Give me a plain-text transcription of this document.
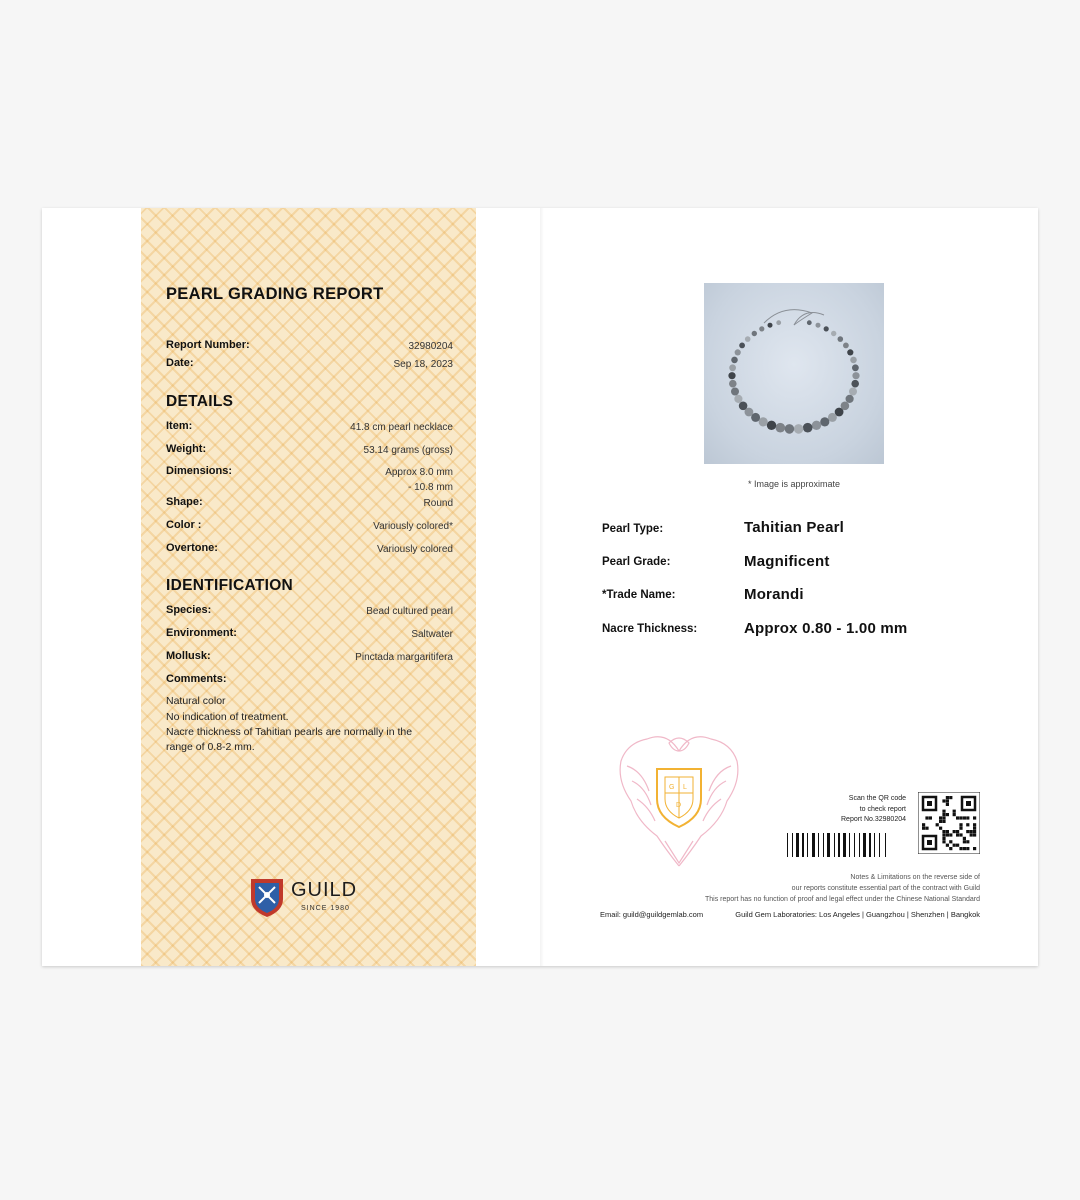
PEARL GRADING REPORT
Report Number:	32980204
Date:	Sep 18, 2023
DETAILS
Item:	41.8 cm pearl necklace
Weight:	53.14 grams (gross)
Dimensions:	Approx 8.0 mm
- 10.8 mm
Shape:	Round
Color :	Variously colored*
Overtone:	Variously colored
IDENTIFICATION
Species:	Bead cultured pearl
Environment:	Saltwater
Mollusk:	Pinctada margaritifera
Comments:
Natural color
No indication of treatment.
Nacre thickness of Tahitian pearls are normally in the
range of 0.8-2 mm.
GUILD
SINCE 1980
* Image is approximate
Pearl Type:	Tahitian Pearl
Pearl Grade:	Magnificent
*Trade Name:	Morandi
Nacre Thickness:	Approx 0.80 - 1.00 mm
G L
D
Scan the QR code
to check report
Report No.32980204
Notes & Limitations on the reverse side of
our reports constitute essential part of the contract with Guild
This report has no function of proof and legal effect under the Chinese National Standard
Email: guild@guildgemlab.com	Guild Gem Laboratories: Los Angeles | Guangzhou | Shenzhen | Bangkok
